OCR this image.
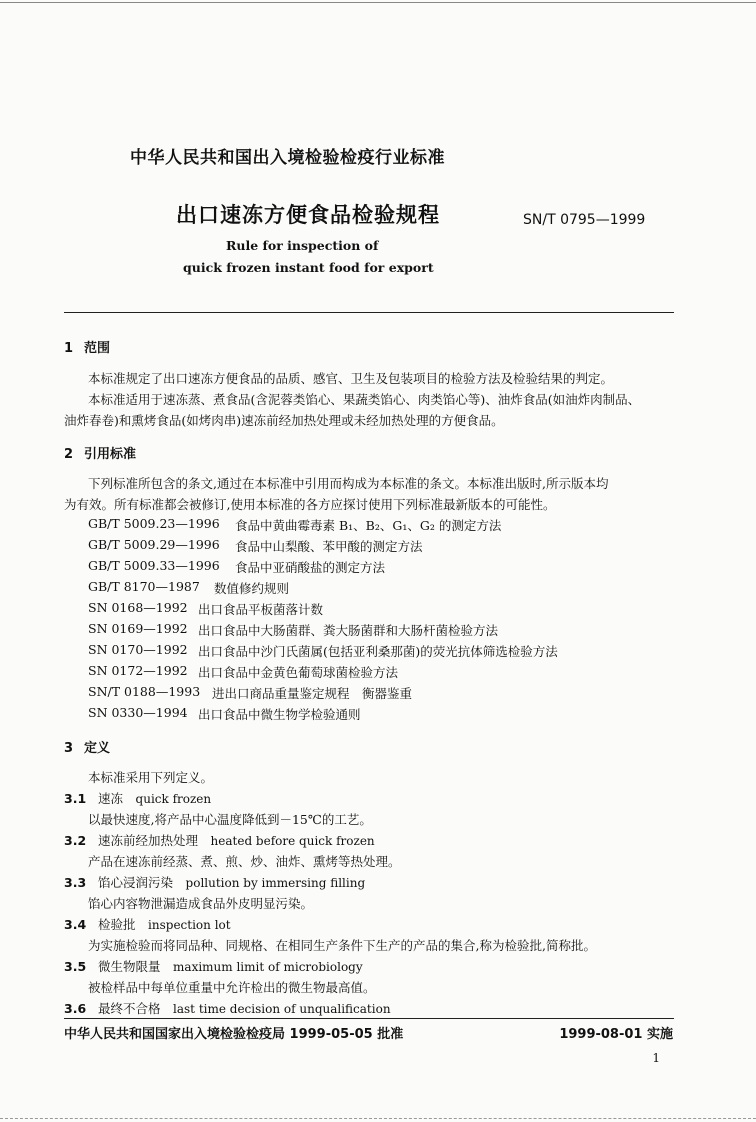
中华人民共和国出入境检验检疫行业标准
出口速冻方便食品检验规程	SN/T 0795—1999
Rule for inspection of
quick frozen instant food for export
1 范围
本标准规定了出口速冻方便食品的品质、感官、卫生及包装项目的检验方法及检验结果的判定。
本标准适用于速冻蒸、煮食品(含泥蓉类馅心、果蔬类馅心、肉类馅心等)、油炸食品(如油炸肉制品、
油炸春卷)和熏烤食品(如烤肉串)速冻前经加热处理或未经加热处理的方便食品。
2 引用标准
下列标准所包含的条文,通过在本标准中引用而构成为本标准的条文。本标准出版时,所示版本均
为有效。所有标准都会被修订,使用本标准的各方应探讨使用下列标准最新版本的可能性。
GB/T 5009.23—1996 食品中黄曲霉毒素 B₁、B₂、G₁、G₂ 的测定方法
GB/T 5009.29—1996 食品中山梨酸、苯甲酸的测定方法
GB/T 5009.33—1996 食品中亚硝酸盐的测定方法
GB/T 8170—1987 数值修约规则
SN 0168—1992 出口食品平板菌落计数
SN 0169—1992 出口食品中大肠菌群、粪大肠菌群和大肠杆菌检验方法
SN 0170—1992 出口食品中沙门氏菌属(包括亚利桑那菌)的荧光抗体筛选检验方法
SN 0172—1992 出口食品中金黄色葡萄球菌检验方法
SN/T 0188—1993 进出口商品重量鉴定规程　衡器鉴重
SN 0330—1994 出口食品中微生物学检验通则
3 定义
本标准采用下列定义。
3.1 速冻　 quick frozen
以最快速度,将产品中心温度降低到－15℃的工艺。
3.2 速冻前经加热处理　 heated before quick frozen
产品在速冻前经蒸、煮、煎、炒、油炸、熏烤等热处理。
3.3 馅心浸润污染　 pollution by immersing filling
馅心内容物泄漏造成食品外皮明显污染。
3.4 检验批　 inspection lot
为实施检验而将同品种、同规格、在相同生产条件下生产的产品的集合,称为检验批,简称批。
3.5 微生物限量　 maximum limit of microbiology
被检样品中每单位重量中允许检出的微生物最高值。
3.6 最终不合格　 last time decision of unqualification
中华人民共和国国家出入境检验检疫局 1999-05-05 批准	1999-08-01 实施
1
